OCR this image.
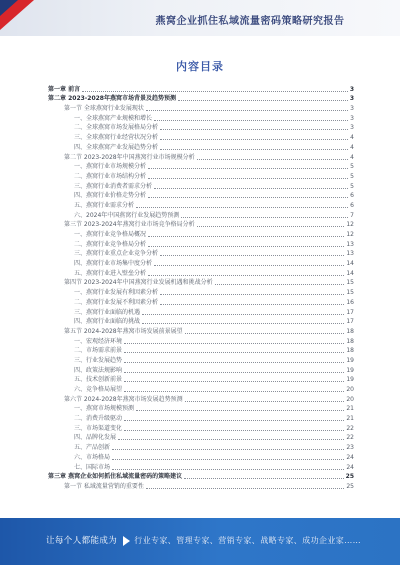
燕窝企业抓住私域流量密码策略研究报告
内容目录
第一章 前言	3
第二章 2023-2028年燕窝市场背景及趋势预测	3
第一节 全球燕窝行业发展现状	3
一、全球燕窝产业规模和增长	3
二、全球燕窝市场发展格局分析	3
三、全球燕窝行业经营状况分析	4
四、全球燕窝产业发展趋势分析	4
第二节 2023-2028年中国燕窝行业市场规模分析	4
一、燕窝行业市场规模分析	5
二、燕窝行业市场结构分析	5
三、燕窝行业消费者需求分析	5
四、燕窝行业价格走势分析	6
五、燕窝行业需求分析	6
六、2024年中国燕窝行业发展趋势预测	7
第三节 2023-2024年燕窝行业市场竞争格局分析	12
一、燕窝行业竞争格局概况	12
二、燕窝行业竞争格局分析	13
三、燕窝行业重点企业竞争分析	13
四、燕窝行业市场集中度分析	14
五、燕窝行业进入壁垒分析	14
第四节 2023-2024年中国燕窝行业发展机遇和挑战分析	15
一、燕窝行业发展有利因素分析	15
二、燕窝行业发展不利因素分析	16
三、燕窝行业面临的机遇	17
四、燕窝行业面临的挑战	17
第五节 2024-2028年燕窝市场发展前景展望	18
一、宏观经济环境	18
二、市场需求前景	18
三、行业发展趋势	19
四、政策法规影响	19
五、技术创新前景	19
六、竞争格局展望	20
第六节 2024-2028年燕窝市场发展趋势预测	20
一、燕窝市场规模预测	21
二、消费升级驱动	21
三、市场渠道变化	22
四、品牌化发展	22
五、产品创新	23
六、市场格局	24
七、国际市场	24
第三章 燕窝企业如何抓住私域流量密码的策略建议	25
第一节 私域流量营销的重要性	25
让每个人都能成为 行业专家、管理专家、营销专家、战略专家、成功企业家……
